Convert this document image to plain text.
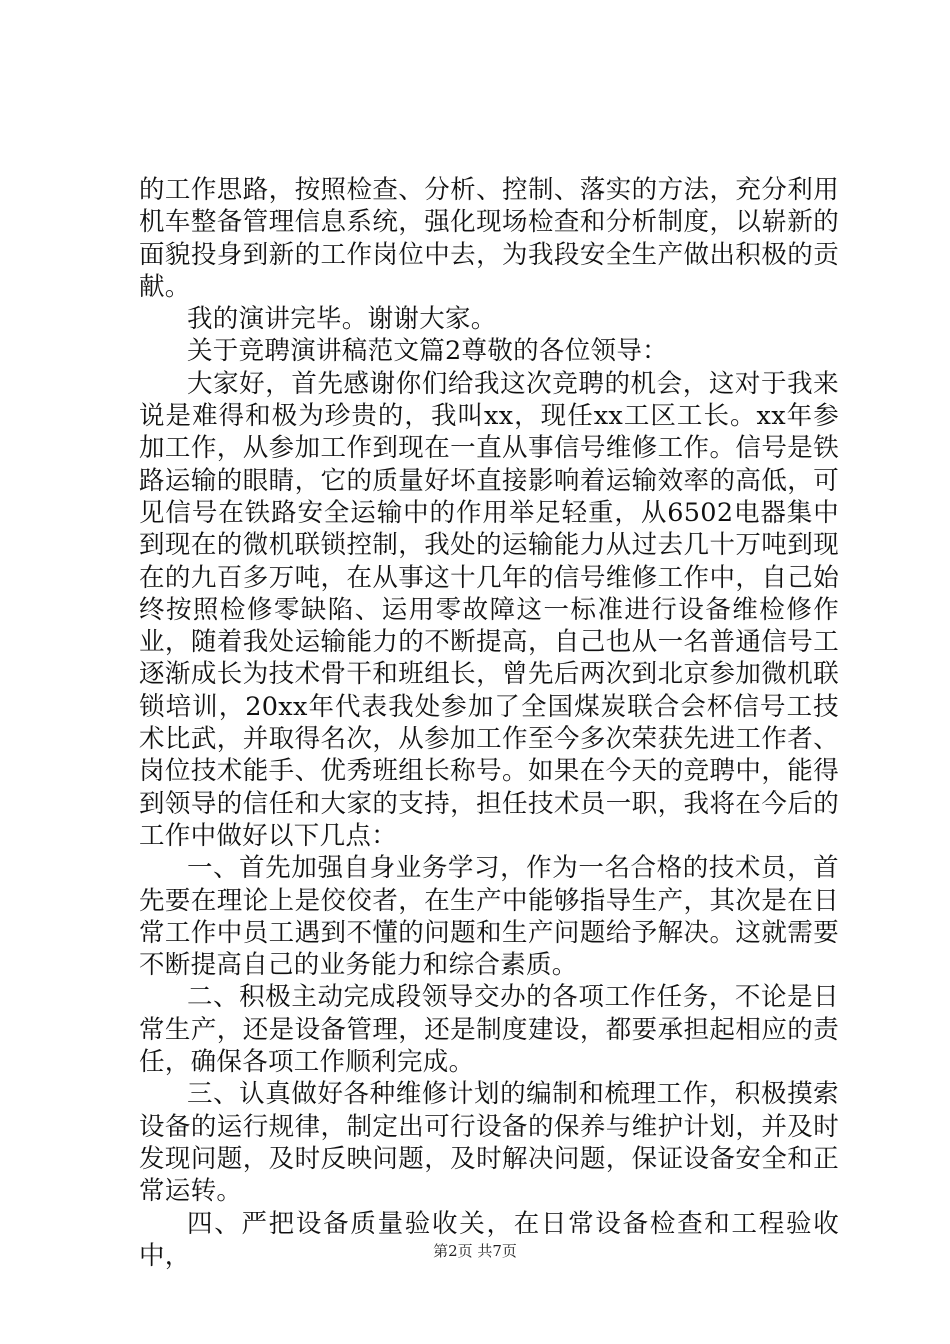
的工作思路，按照检查、分析、控制、落实的方法，充分利用机车整备管理信息系统，强化现场检查和分析制度，以崭新的面貌投身到新的工作岗位中去，为我段安全生产做出积极的贡献。

我的演讲完毕。谢谢大家。

关于竞聘演讲稿范文篇2尊敬的各位领导：

大家好，首先感谢你们给我这次竞聘的机会，这对于我来说是难得和极为珍贵的，我叫xx，现任xx工区工长。xx年参加工作，从参加工作到现在一直从事信号维修工作。信号是铁路运输的眼睛，它的质量好坏直接影响着运输效率的高低，可见信号在铁路安全运输中的作用举足轻重，从6502电器集中到现在的微机联锁控制，我处的运输能力从过去几十万吨到现在的九百多万吨，在从事这十几年的信号维修工作中，自己始终按照检修零缺陷、运用零故障这一标准进行设备维检修作业，随着我处运输能力的不断提高，自己也从一名普通信号工逐渐成长为技术骨干和班组长，曾先后两次到北京参加微机联锁培训，20xx年代表我处参加了全国煤炭联合会杯信号工技术比武，并取得名次，从参加工作至今多次荣获先进工作者、岗位技术能手、优秀班组长称号。如果在今天的竞聘中，能得到领导的信任和大家的支持，担任技术员一职，我将在今后的工作中做好以下几点：

一、首先加强自身业务学习，作为一名合格的技术员，首先要在理论上是佼佼者，在生产中能够指导生产，其次是在日常工作中员工遇到不懂的问题和生产问题给予解决。这就需要不断提高自己的业务能力和综合素质。

二、积极主动完成段领导交办的各项工作任务，不论是日常生产，还是设备管理，还是制度建设，都要承担起相应的责任，确保各项工作顺利完成。

三、认真做好各种维修计划的编制和梳理工作，积极摸索设备的运行规律，制定出可行设备的保养与维护计划，并及时发现问题，及时反映问题，及时解决问题，保证设备安全和正常运转。

四、严把设备质量验收关，在日常设备检查和工程验收中，	第2页 共7页
